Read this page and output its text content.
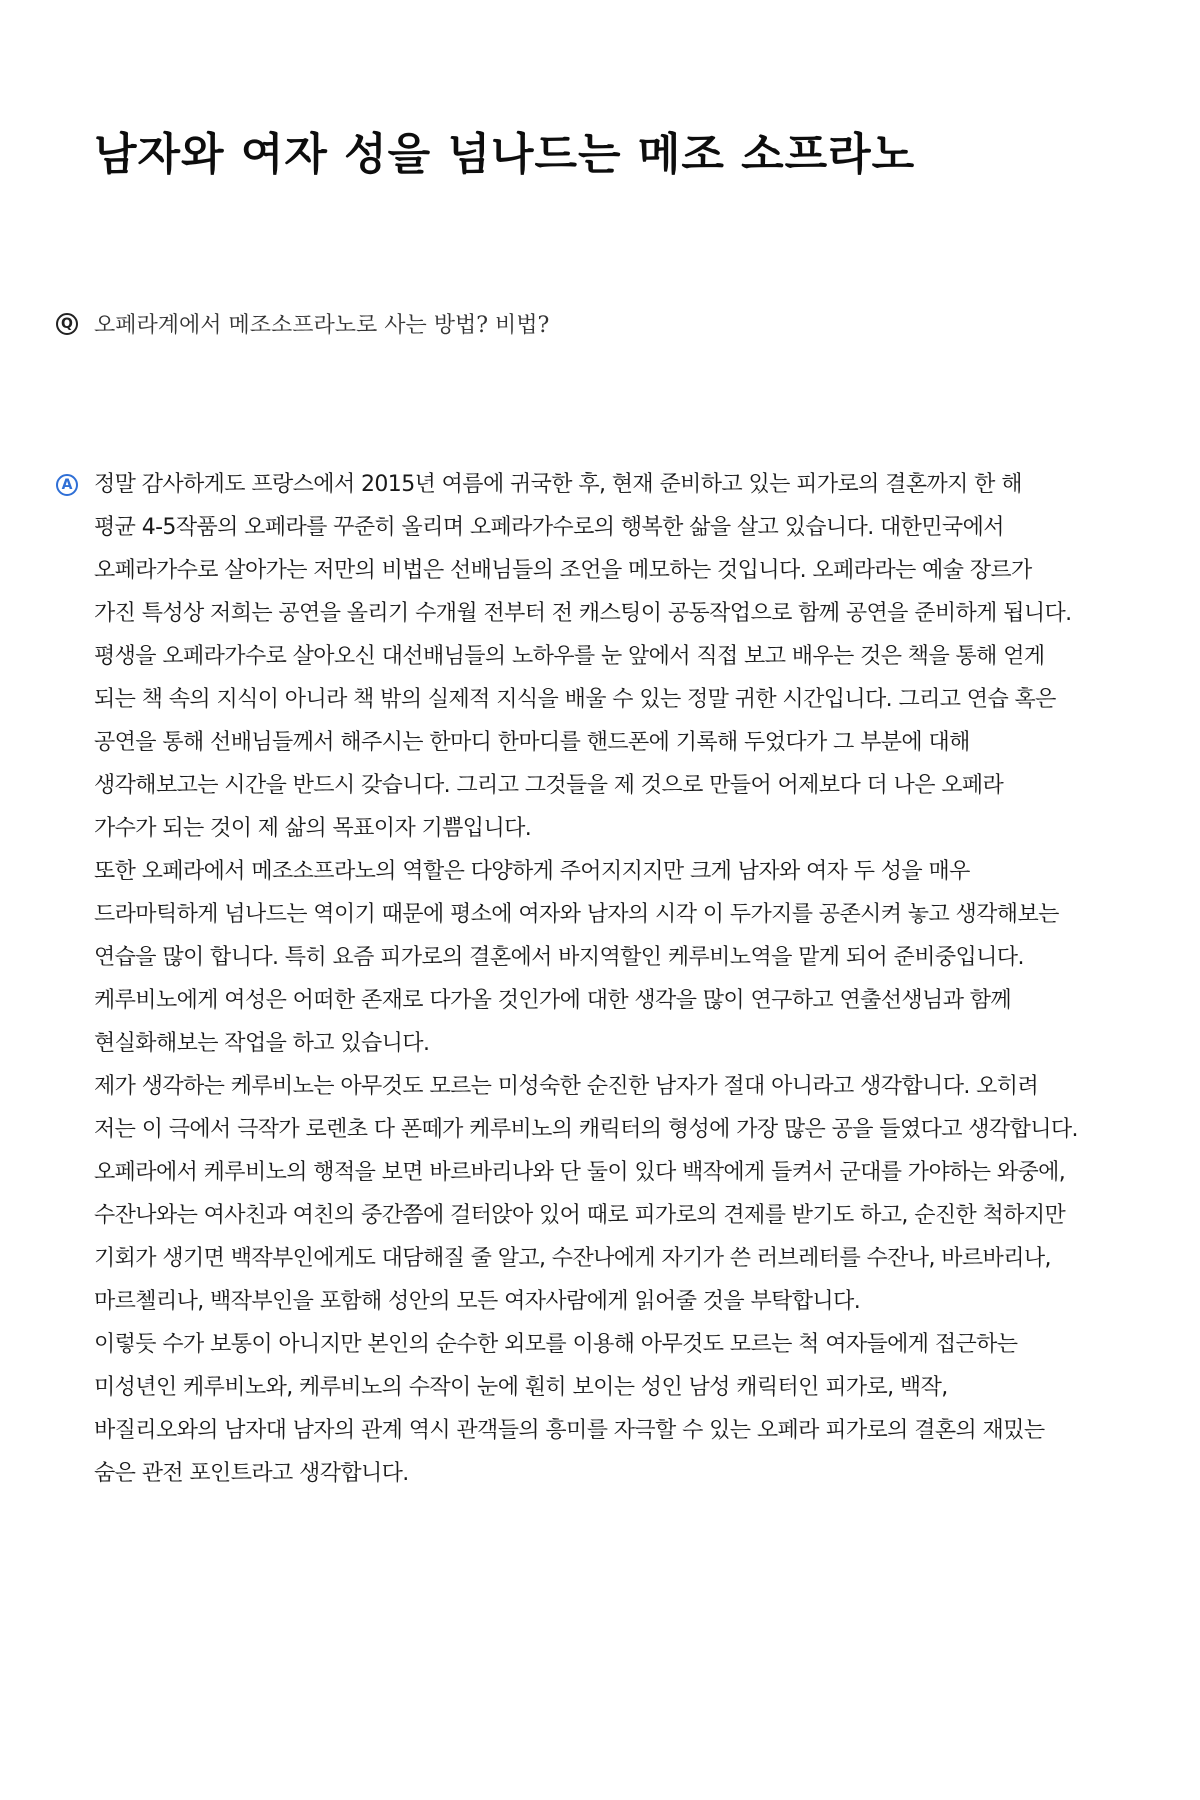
남자와 여자 성을 넘나드는 메조 소프라노
Q 오페라계에서 메조소프라노로 사는 방법? 비법?
A 정말 감사하게도 프랑스에서 2015년 여름에 귀국한 후, 현재 준비하고 있는 피가로의 결혼까지 한 해
평균 4-5작품의 오페라를 꾸준히 올리며 오페라가수로의 행복한 삶을 살고 있습니다. 대한민국에서
오페라가수로 살아가는 저만의 비법은 선배님들의 조언을 메모하는 것입니다. 오페라라는 예술 장르가
가진 특성상 저희는 공연을 올리기 수개월 전부터 전 캐스팅이 공동작업으로 함께 공연을 준비하게 됩니다.
평생을 오페라가수로 살아오신 대선배님들의 노하우를 눈 앞에서 직접 보고 배우는 것은 책을 통해 얻게
되는 책 속의 지식이 아니라 책 밖의 실제적 지식을 배울 수 있는 정말 귀한 시간입니다. 그리고 연습 혹은
공연을 통해 선배님들께서 해주시는 한마디 한마디를 핸드폰에 기록해 두었다가 그 부분에 대해
생각해보고는 시간을 반드시 갖습니다. 그리고 그것들을 제 것으로 만들어 어제보다 더 나은 오페라
가수가 되는 것이 제 삶의 목표이자 기쁨입니다.
또한 오페라에서 메조소프라노의 역할은 다양하게 주어지지지만 크게 남자와 여자 두 성을 매우
드라마틱하게 넘나드는 역이기 때문에 평소에 여자와 남자의 시각 이 두가지를 공존시켜 놓고 생각해보는
연습을 많이 합니다. 특히 요즘 피가로의 결혼에서 바지역할인 케루비노역을 맡게 되어 준비중입니다.
케루비노에게 여성은 어떠한 존재로 다가올 것인가에 대한 생각을 많이 연구하고 연출선생님과 함께
현실화해보는 작업을 하고 있습니다.
제가 생각하는 케루비노는 아무것도 모르는 미성숙한 순진한 남자가 절대 아니라고 생각합니다. 오히려
저는 이 극에서 극작가 로렌초 다 폰떼가 케루비노의 캐릭터의 형성에 가장 많은 공을 들였다고 생각합니다.
오페라에서 케루비노의 행적을 보면 바르바리나와 단 둘이 있다 백작에게 들켜서 군대를 가야하는 와중에,
수잔나와는 여사친과 여친의 중간쯤에 걸터앉아 있어 때로 피가로의 견제를 받기도 하고, 순진한 척하지만
기회가 생기면 백작부인에게도 대담해질 줄 알고, 수잔나에게 자기가 쓴 러브레터를 수잔나, 바르바리나,
마르첼리나, 백작부인을 포함해 성안의 모든 여자사람에게 읽어줄 것을 부탁합니다.
이렇듯 수가 보통이 아니지만 본인의 순수한 외모를 이용해 아무것도 모르는 척 여자들에게 접근하는
미성년인 케루비노와, 케루비노의 수작이 눈에 훤히 보이는 성인 남성 캐릭터인 피가로, 백작,
바질리오와의 남자대 남자의 관계 역시 관객들의 흥미를 자극할 수 있는 오페라 피가로의 결혼의 재밌는
숨은 관전 포인트라고 생각합니다.
